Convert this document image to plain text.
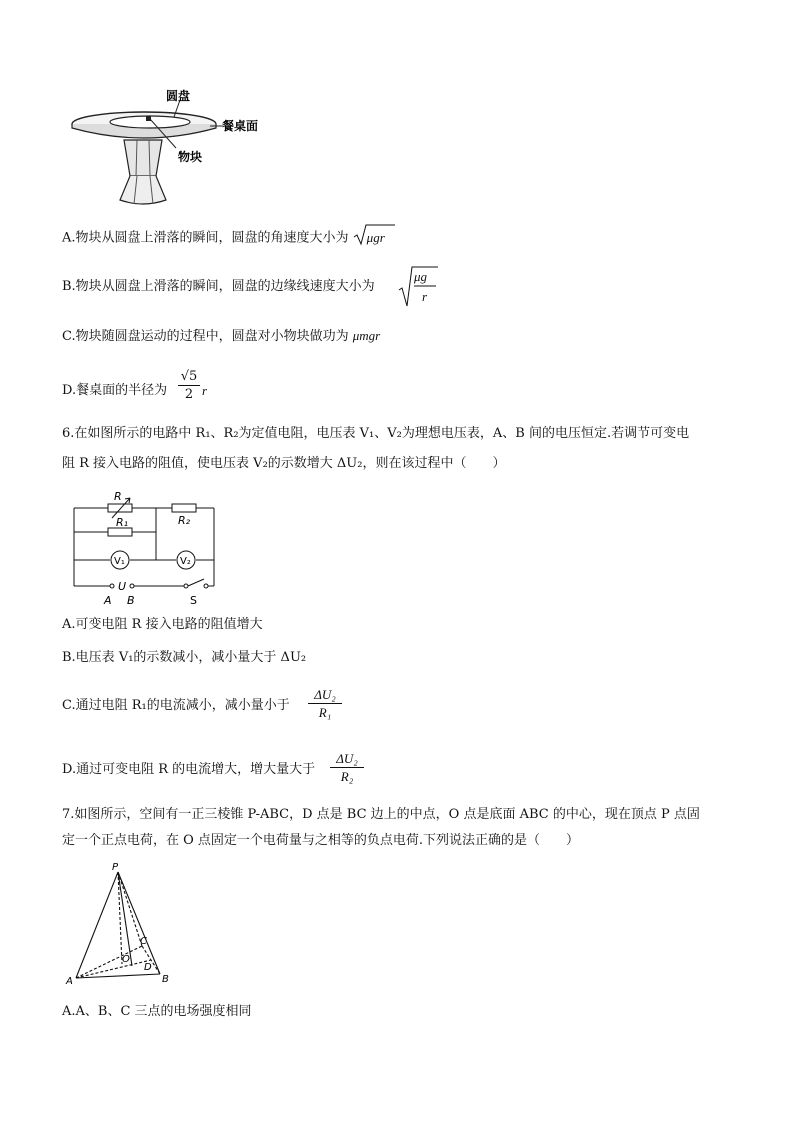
圆盘
餐桌面
物块
A.物块从圆盘上滑落的瞬间，圆盘的角速度大小为 μgr
B.物块从圆盘上滑落的瞬间，圆盘的边缘线速度大小为
μg
r
C.物块随圆盘运动的过程中，圆盘对小物块做功为 μmgr
D.餐桌面的半径为 $\frac{√5}{2}$ r
6.在如图所示的电路中 R₁、R₂为定值电阻，电压表 V₁、V₂为理想电压表，A、B 间的电压恒定.若调节可变电
阻 R 接入电路的阻值，使电压表 V₂的示数增大 ΔU₂，则在该过程中（　　）
R
R₁	R₂
V₁	V₂
U
A B	S
A.可变电阻 R 接入电路的阻值增大
B.电压表 V₁的示数减小，减小量大于 ΔU₂
C.通过电阻 R₁的电流减小，减小量小于 $\frac{\text{ΔU₂}}{\text{R₁}}$
D.通过可变电阻 R 的电流增大，增大量大于 $\frac{\text{ΔU₂}}{\text{R₂}}$
7.如图所示，空间有一正三棱锥 P-ABC，D 点是 BC 边上的中点，O 点是底面 ABC 的中心，现在顶点 P 点固
定一个正点电荷，在 O 点固定一个电荷量与之相等的负点电荷.下列说法正确的是（　　）
P
A	B
C
O
D
A.A、B、C 三点的电场强度相同
